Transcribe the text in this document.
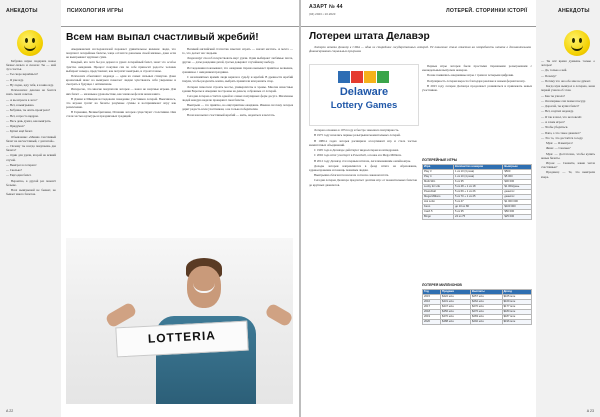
АНЕКДОТЫ	ПСИХОЛОГИЯ ИГРЫ

Бабушка внуке подарила новое бизнес-пальто и сказала: Ты — мой луч счастья.

— Ты скоро вернёшься?

— Я уже иду.

— Ну ладно, жду тебя, я в кино иду.

Психология: девочка не боится знать своих советов.

— А вы играете в лото?

— Нет, я выигрываю.

— Бабушка, ты опять проиграла?

— Нет, я просто щедрая.

— Весь день думал, как выиграть.

— Придумал?

— Купил ещё билет.

Объявление: «Меняю счастливый билет на несчастливый, с доплатой».

— Почему ты всегда покупаешь два билета?

— Один для удачи, второй на всякий случай.

— Выиграл в лотерею!

— Сколько?

— Ещё один билет.

Вероятно, в другой раз повезёт больше.

Всех выигрышей не бывает, но бывает много билетов.

Всем нам выпал счастливый жребий!

Американских исследователей поражает удивительное явление: люди, что покупают лотерейные билеты, чаще остаются довольны своей жизнью, даже если не выигрывают крупных сумм.

Каждый, кто хотя бы раз держал в руках лотерейный билет, знает это особое чувство ожидания. Процесс покупки сам по себе приносит радость: человек выбирает номера, представляет, как потратит выигрыш, и строит планы.

Психологи объясняют: надежда — один из самых сильных стимулов. Даже крошечный шанс на выигрыш помогает людям чувствовать себя увереннее и смотреть в будущее с оптимизмом.

Интересно, что многие покупатели лотереи — вовсе не азартные игроки. Для них билет — маленькое удовольствие, как чашка кофе или новая книга.

В Дании и Швеции исследовали поведение участников лотерей. Выяснилось, что игроки тратят на билеты разумные суммы и воспринимают игру как развлечение.

В Германии, Великобритании, Испании лотереи существуют столетиями. Они стали частью культуры и праздничных традиций.

Великий английский статистик заметил: играть — значит мечтать. А мечта — то, что делает нас людьми.

Люди ищут способ почувствовать вкус удачи. Одни выбирают любимые числа, другие — даты рождения детей, третьи доверяют случайному выбору.

Исследования показывают, что ожидание тиража вызывает приятное волнение, сравнимое с ожиданием праздника.

С незапамятных времён люди верили в судьбу и жребий. В древности жребий тянули, чтобы разделить землю, выбрать правителя или решить спор.

Лотереи помогали строить мосты, университеты и храмы. Многие известные здания Европы и Америки построены на деньги, собранные от лотерей.

Сегодня лотерея остаётся одной из самых популярных форм досуга. Миллионы людей каждую неделю проверяют свои билеты.

Выигрыш — это приятно, но ещё приятнее ожидание. Именно поэтому лотерея дарит радость всем участникам, а не только победителям.

Всем нам выпал счастливый жребий — жить, надеяться и мечтать.

LOTTERIA
A 22
АЗАРТ № 44
(04) 2023 • 10.2023	ЛОТЕРЕЙ. СТОРИНКИ ІСТОРІЇ	АНЕКДОТЫ
Лотереи штата Делавэр

Лотерея штата Делавэр в США — одна из старейших государственных лотерей. Её появление стало ответом на потребность штата в дополнительном финансировании социальных программ.

Delaware
Lottery Games

Первые игры лотереи были простыми тиражными розыгрышами с еженедельным выпуском номеров.

Позже появились ежедневные игры с тремя и четырьмя цифрами.

Популярность лотереи выросла благодаря рекламе и новым форматам игр.

В 2023 году лотерея Делавэра продолжает развиваться и привлекать новых участников.

Лотерея основана в 1974 году и быстро завоевала популярность.

В 1975 году начались первые розыгрыши моментальных лотерей.

В 1980-х годах лотерея расширила ассортимент игр и стала частью межштатных объединений.

С 1995 года в Делавэре действуют видеолотереи на ипподромах.

С 2002 года штат участвует в Powerball, а позже и в Mega Millions.

В 2012 году Делавэр стал первым штатом, легализовавшим онлайн-игры.

Доходы лотереи направляются в фонд штата на образование, здравоохранение и помощь пожилым людям.

Выигрыши облагаются налогом согласно законам штата.

Сегодня лотерея Делавэра предлагает десятки игр: от моментальных билетов до крупных джекпотов.

ЛОТЕРЕЙНЫЕ ИГРЫ
Игра	Количество номеров	Выигрыш
Play 3	1 из 10 (3 раза)	$500
Play 4	1 из 10 (4 раза)	$5 000
Multi-Win	6 из 35	$30 000
Lucky for Life	5 из 48 + 1 из 18	$1 000/день
Powerball	5 из 69 + 1 из 26	джекпот
Mega Millions	5 из 70 + 1 из 25	джекпот
Hot Lotto	5 из 47	$1 000 000
Keno	до 10 из 80	$100 000
Cash 5	5 из 35	$50 000
Bingo	24 из 75	$25 000
ЛОТЕРЕЯ МИЛЛИОНОВ
Год	Продажи	Выплаты	Доход
2015	$422 млн	$257 млн	$165 млн
2016	$431 млн	$262 млн	$169 млн
2017	$447 млн	$270 млн	$177 млн
2018	$456 млн	$276 млн	$180 млн
2019	$470 млн	$283 млн	$187 млн
2020	$488 млн	$292 млн	$196 млн

— Ты всё время думаешь только о лотерее!

— Да, только о ней.

— Почему?

— Потому что она обо мне не думает.

Когда муж выиграл в лотерею, жена первой узнала об этом.

— Как ты узнала?

— Он впервые сам помыл посуду.

— Дорогой, ты купил билет?

— Нет, я купил надежду.

— Я так и знал, что не повезёт.

— А зачем играл?

— Чтобы убедиться.

— Папа, а что такое джекпот?

— Это то, что достаётся соседу.

Муж: — Я выиграл!

Жена: — Сколько?

Муж: — Достаточно, чтобы купить новые билеты.

Игрок: — Скажите, какие числа счастливые?

Продавец: — Те, что выиграли вчера.

A 23
